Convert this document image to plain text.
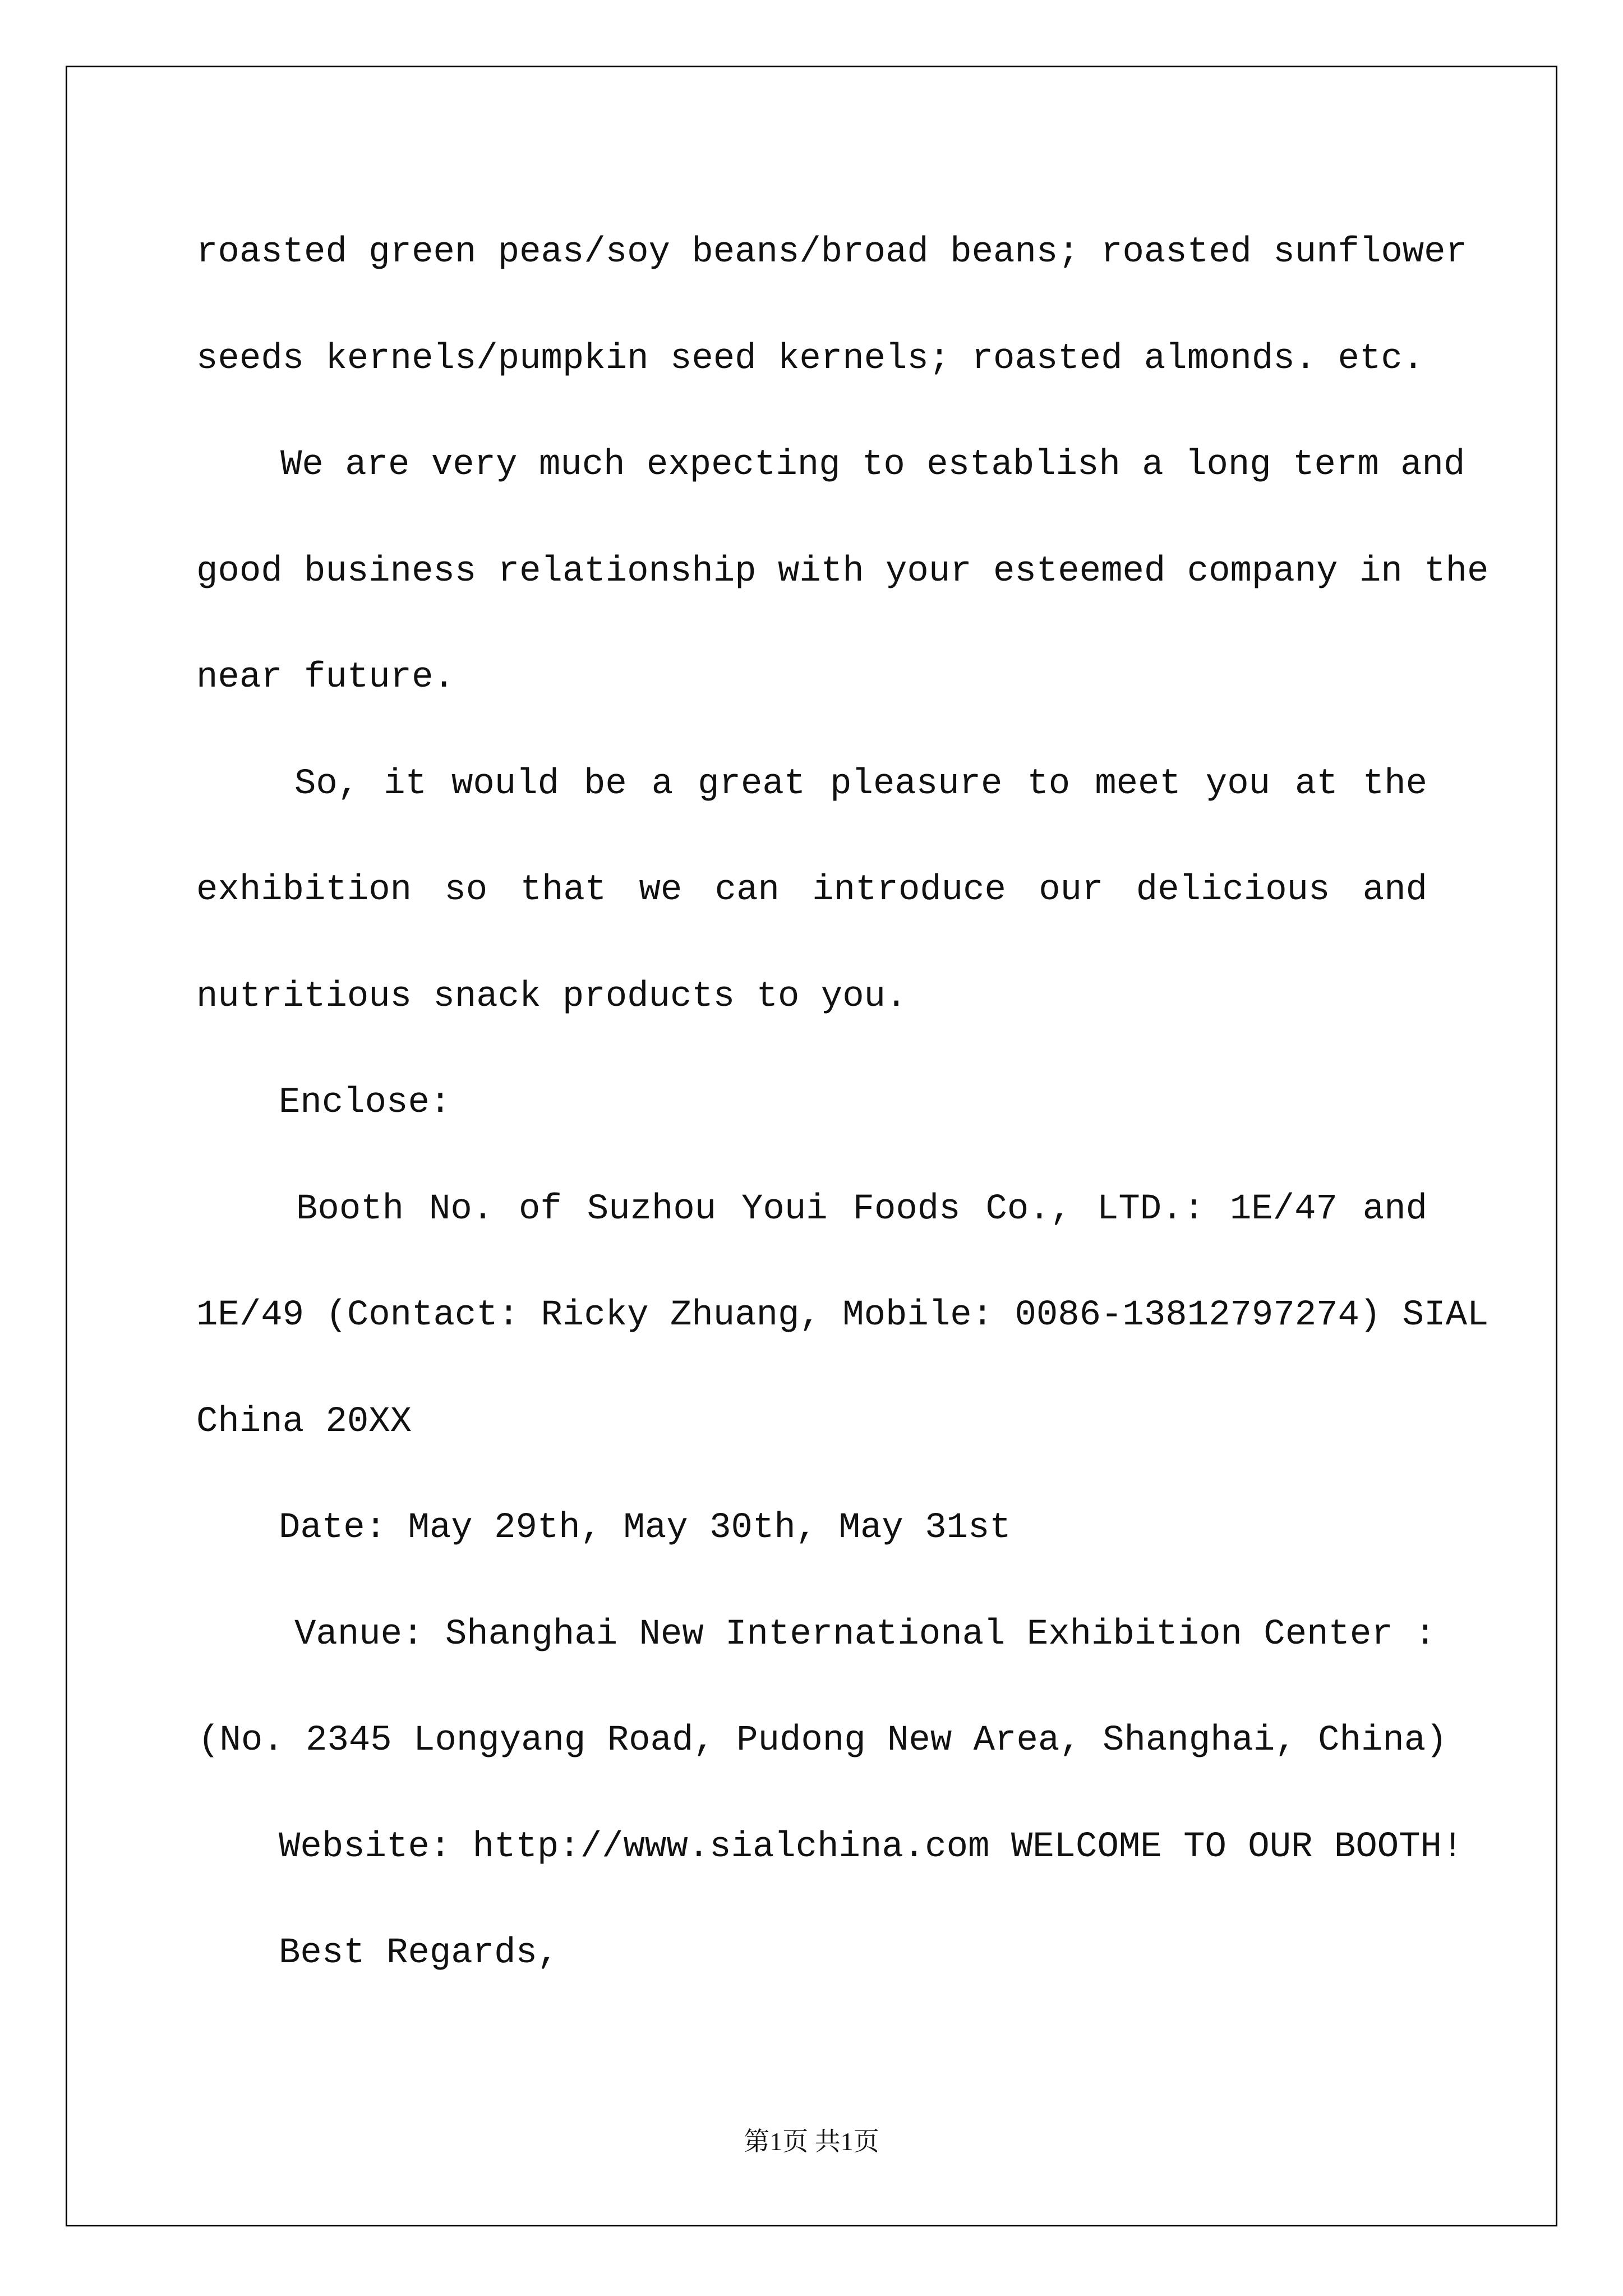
roasted green peas/soy beans/broad beans; roasted sunflower

seeds kernels/pumpkin seed kernels; roasted almonds. etc.

We are very much expecting to establish a long term and

good business relationship with your esteemed company in the

near future.

So, it would be a great pleasure to meet you at the

exhibition so that we can introduce our delicious and

nutritious snack products to you.

Enclose:

Booth No. of Suzhou Youi Foods Co., LTD.: 1E/47 and

1E/49 (Contact: Ricky Zhuang, Mobile: 0086-13812797274) SIAL

China 20XX

Date: May 29th, May 30th, May 31st

Vanue: Shanghai New International Exhibition Center :

(No. 2345 Longyang Road, Pudong New Area, Shanghai, China)

Website: http://www.sialchina.com WELCOME TO OUR BOOTH!

Best Regards,

第1页 共1页
